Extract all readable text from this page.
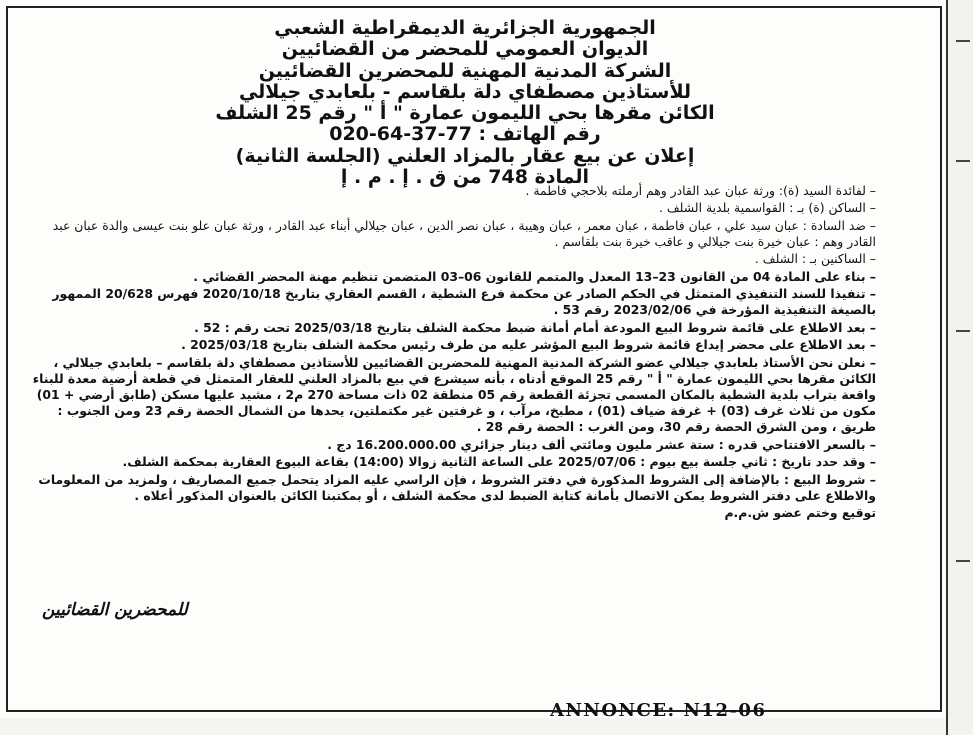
الجمهورية الجزائرية الديمقراطية الشعبي
الديوان العمومي للمحضر من القضائيين
الشركة المدنية المهنية للمحضرين القضائيين
للأستاذين مصطفاي دلة بلقاسم - بلعابدي جيلالي
الكائن مقرها بحي الليمون عمارة " أ " رقم 25 الشلف
رقم الهاتف : 77-37-64-020
إعلان عن بيع عقار بالمزاد العلني (الجلسة الثانية)
المادة 748 من ق . إ . م . إ
– لفائدة السيد (ة): ورثة عبان عبد القادر وهم أرملته بلاحجي فاطمة .
– الساكن (ة) بـ : القواسمية بلدية الشلف .
– ضد السادة : عبان سيد علي ، عبان فاطمة ، عبان معمر ، عبان وهيبة ، عبان نصر الدين ، عبان جيلالي أبناء عبد القادر ، ورثة عبان علو بنت عيسى والدة عبان عبد القادر وهم : عبان خيرة بنت جيلالي و عاقب خيرة بنت بلقاسم .
– الساكنين بـ : الشلف .
– بناء على المادة 04 من القانون 23–13 المعدل والمتمم للقانون 06–03 المتضمن تنظيم مهنة المحضر القضائي .
– تنفيذا للسند التنفيذي المتمثل في الحكم الصادر عن محكمة فرع الشطية ، القسم العقاري بتاريخ 2020/10/18 فهرس 20/628 الممهور بالصيغة التنفيذية المؤرخة في 2023/02/06 رقم 53 .
– بعد الاطلاع على قائمة شروط البيع المودعة أمام أمانة ضبط محكمة الشلف بتاريخ 2025/03/18 تحت رقم : 52 .
– بعد الاطلاع على محضر إيداع قائمة شروط البيع المؤشر عليه من طرف رئيس محكمة الشلف بتاريخ 2025/03/18 .
– نعلن نحن الأستاذ بلعابدي جيلالي عضو الشركة المدنية المهنية للمحضرين القضائيين للأستاذين مصطفاي دلة بلقاسم – بلعابدي جيلالي ، الكائن مقرها بحي الليمون عمارة " أ " رقم 25 الموقع أدناه ، بأنه سيشرع في بيع بالمزاد العلني للعقار المتمثل في قطعة أرضية معدة للبناء واقعة بتراب بلدية الشطية بالمكان المسمى تجزئة القطعة رقم 05 منطقة 02 ذات مساحة 270 م2 ، مشيد عليها مسكن (طابق أرضي + 01) مكون من ثلاث غرف (03) + غرفة ضياف (01) ، مطبخ، مرآب ، و غرفتين غير مكتملتين، يحدها من الشمال الحصة رقم 23 ومن الجنوب : طريق ، ومن الشرق الحصة رقم 30، ومن الغرب : الحصة رقم 28 .
– بالسعر الافتتاحي قدره : ستة عشر مليون ومائتي ألف دينار جزائري 16.200.000.00 دج .
– وقد حدد تاريخ : ثاني جلسة بيع بيوم : 2025/07/06 على الساعة الثانية زوالا (14:00) بقاعة البيوع العقارية بمحكمة الشلف.
– شروط البيع : بالإضافة إلى الشروط المذكورة في دفتر الشروط ، فإن الراسي عليه المزاد يتحمل جميع المصاريف ، ولمزيد من المعلومات والاطلاع على دفتر الشروط يمكن الاتصال بأمانة كتابة الضبط لدى محكمة الشلف ، أو بمكتبنا الكائن بالعنوان المذكور أعلاه .
توقيع وختم عضو ش.م.م
للمحضرين القضائيين
ANNONCE: N12-06
